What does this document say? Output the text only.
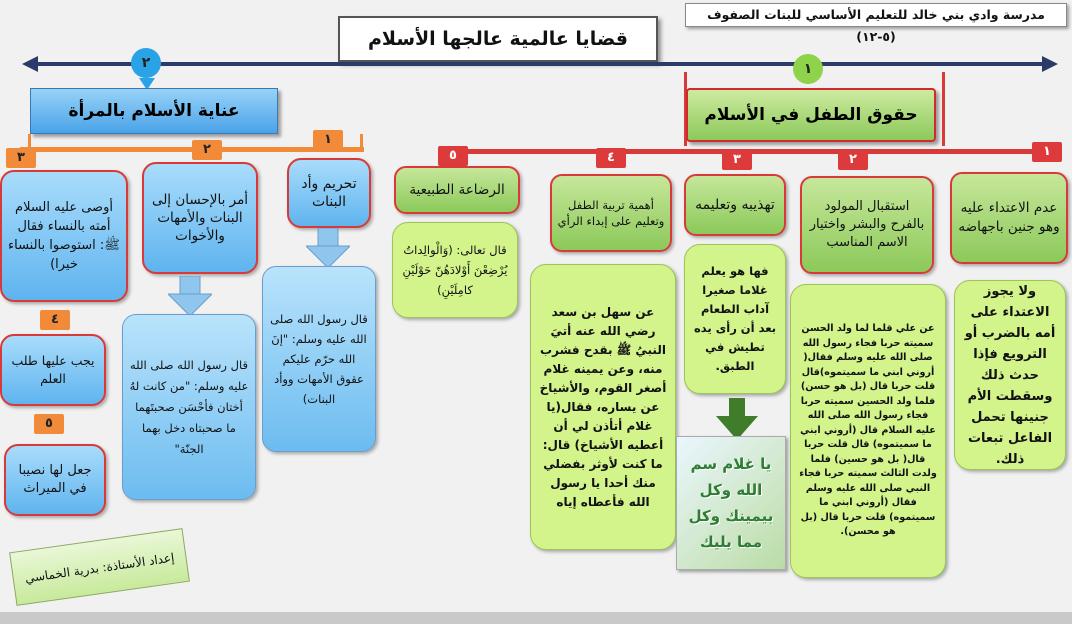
مدرسة وادي بني خالد للتعليم الأساسي للبنات الصفوف (٥-١٢)
قضايا عالمية عالجها الأسلام
٢	١
عناية الأسلام بالمرأة	حقوق الطفل في الأسلام
١
٢
٣
تحريم وأد البنات
قال رسول الله صلى الله عليه وسلم: "إنَ الله حرّم عليكم عقوق الأمهات ووأد البنات)
أمر بالإحسان إلى البنات والأمهات والأخوات
قال رسول الله صلى الله عليه وسلم: "من كانت لهُ أختان فأحْسَن صحبتَهما ما صحبتاه دخل بهما الجنّة"
أوصى عليه السلام أمته بالنساء فقال ﷺ: استوصوا بالنساء خيرا)
٤
يجب عليها طلب العلم
٥
جعل لها نصيبا في الميراث
إعداد الأستاذة: بدرية الخماسي
٥
الرضاعة الطبيعية
قال تعالى: (وَالْوالِداتُ يُرْضِعْنَ أَوْلادَهُنّ حَوْلَيْنِ كامِلَيْنِ)
٤
أهمية تربية الطفل وتعليم على إبداء الرأي
عن سهل بن سعد رضي الله عنه أتيَ النبيُ ﷺ بقدح فشرب منه، وعن يمينه غلام أصغر القوم، والأشياخ عن يساره، فقال(يا غلام أتأذن لي أن أعطيه الأشياخ) قال: ما كنت لأوثر بفضلي منك أحدا يا رسول الله فأعطاه إياه
٣
تهذيبه وتعليمه
فها هو يعلم غلاما صغيرا آداب الطعام بعد أن رأى يده تطيش في الطبق.
يا غلام سم الله وكل بيمينك وكل مما يليك
٢
استقبال المولود بالفرح والبشر واختيار الاسم المناسب
عن علي قلما لما ولد الحسن سميته حربا فجاء رسول الله صلى الله عليه وسلم فقال( أروني ابني ما سميتموه)قال قلت حربا قال (بل هو حسن) فلما ولد الحسين سميته حربا فجاء رسول الله صلى الله عليه السلام قال (أروني ابني ما سميتموه) قال قلت حربا قال( بل هو حسين) فلما ولدت الثالث سميته حربا فجاء النبي صلى الله عليه وسلم فقال (أروني ابني ما سميتموه) قلت حربا قال (بل هو محسن).
١
عدم الاعتداء عليه وهو جنين باجهاضه
ولا يجوز الاعتداء على أمه بالضرب أو الترويع فإذا حدث ذلك وسقطت الأم جنينها تحمل الفاعل تبعات ذلك.
